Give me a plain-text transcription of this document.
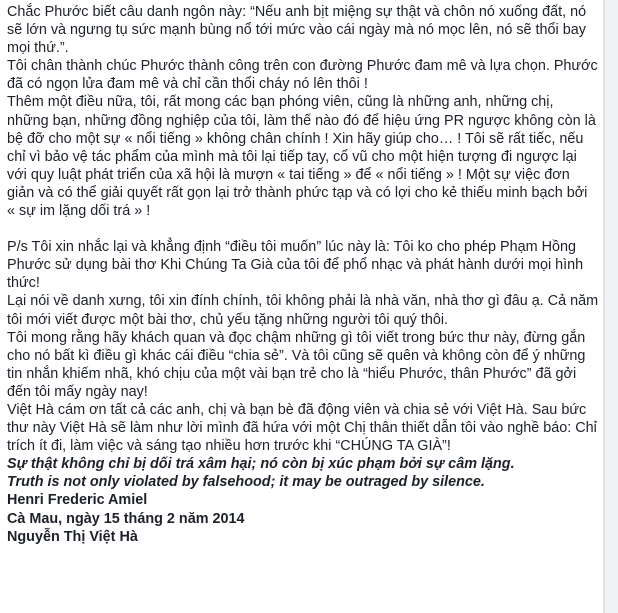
Chắc Phước biết câu danh ngôn này: “Nếu anh bịt miệng sự thật và chôn nó xuống đất, nó sẽ lớn và ngưng tụ sức mạnh bùng nổ tới mức vào cái ngày mà nó mọc lên, nó sẽ thổi bay mọi thứ.”.

Tôi chân thành chúc Phước thành công trên con đường Phước đam mê và lựa chọn. Phước đã có ngọn lửa đam mê và chỉ cần thổi cháy nó lên thôi !

Thêm một điều nữa, tôi, rất mong các bạn phóng viên, cũng là những anh, những chị, những bạn, những đồng nghiệp của tôi, làm thế nào đó để hiệu ứng PR ngược không còn là bệ đỡ cho một sự « nổi tiếng » không chân chính ! Xin hãy giúp cho… ! Tôi sẽ rất tiếc, nếu chỉ vì bảo vệ tác phẩm của mình mà tôi lại tiếp tay, cổ vũ cho một hiện tượng đi ngược lại với quy luật phát triển của xã hội là mượn « tai tiếng » để « nổi tiếng » ! Một sự việc đơn giản và có thể giải quyết rất gọn lại trở thành phức tạp và có lợi cho kẻ thiếu minh bạch bởi « sự im lặng dối trá » !

P/s Tôi xin nhắc lại và khẳng định “điều tôi muốn” lúc này là: Tôi ko cho phép Phạm Hồng Phước sử dụng bài thơ Khi Chúng Ta Già của tôi để phổ nhạc và phát hành dưới mọi hình thức!

Lại nói về danh xưng, tôi xin đính chính, tôi không phải là nhà văn, nhà thơ gì đâu ạ. Cả năm tôi mới viết được một bài thơ, chủ yếu tặng những người tôi quý thôi.

Tôi mong rằng hãy khách quan và đọc chậm những gì tôi viết trong bức thư này, đừng gắn cho nó bất kì điều gì khác cái điều “chia sẻ”. Và tôi cũng sẽ quên và không còn để ý những tin nhắn khiếm nhã, khó chịu của một vài bạn trẻ cho là “hiểu Phước, thân Phước” đã gởi đến tôi mấy ngày nay!

Việt Hà cám ơn tất cả các anh, chị và bạn bè đã động viên và chia sẻ với Việt Hà. Sau bức thư này Việt Hà sẽ làm như lời mình đã hứa với một Chị thân thiết dẫn tôi vào nghề báo: Chỉ trích ít đi, làm việc và sáng tạo nhiều hơn trước khi “CHÚNG TA GIÀ”!

Sự thật không chỉ bị dối trá xâm hại; nó còn bị xúc phạm bởi sự câm lặng.

Truth is not only violated by falsehood; it may be outraged by silence.

Henri Frederic Amiel

Cà Mau, ngày 15 tháng 2 năm 2014

Nguyễn Thị Việt Hà
